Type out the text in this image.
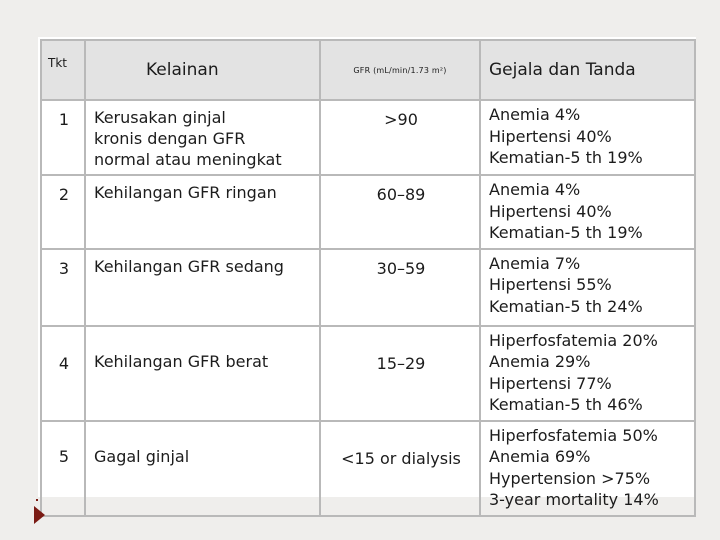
Tkt	Kelainan	GFR (mL/min/1.73 m²)	Gejala dan Tanda
1	Kerusakan ginjal
kronis dengan GFR
normal atau meningkat	>90	Anemia 4%
Hipertensi 40%
Kematian-5 th 19%

2	Kehilangan GFR ringan	60–89	Anemia 4%
Hipertensi 40%
Kematian-5 th 19%

3	Kehilangan GFR sedang	30–59	Anemia 7%
Hipertensi 55%
Kematian-5 th 24%

4	Kehilangan GFR berat	15–29	Hiperfosfatemia 20%
Anemia 29%
Hipertensi 77%
Kematian-5 th 46%

5	Gagal ginjal	<15 or dialysis	Hiperfosfatemia 50%
Anemia 69%
Hypertension >75%
3-year mortality 14%
